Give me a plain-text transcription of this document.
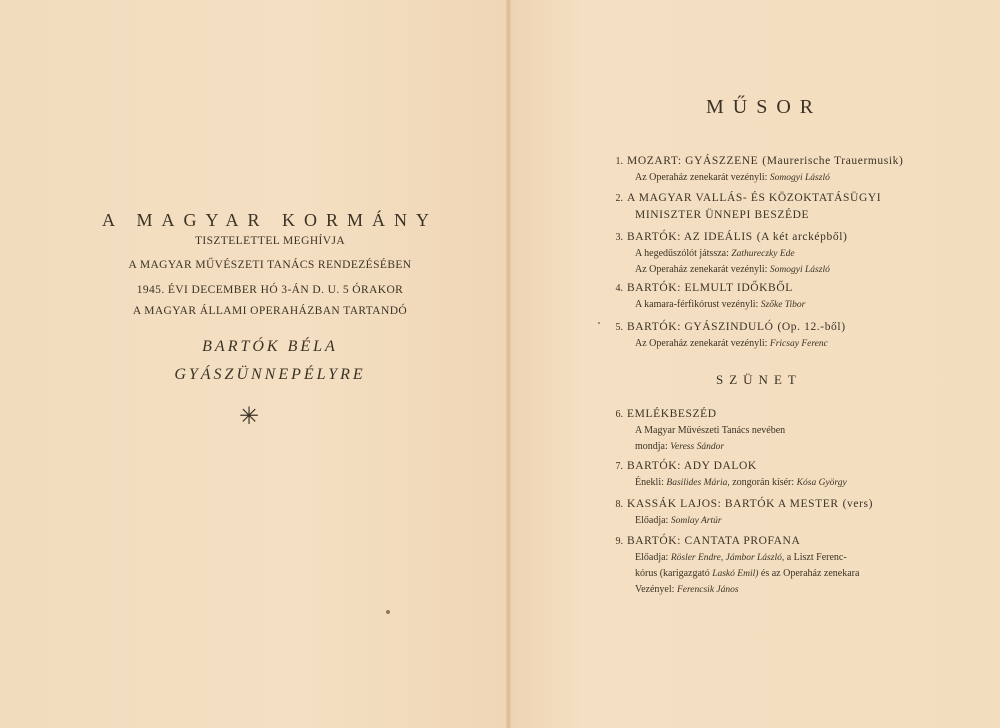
A MAGYAR KORMÁNY
TISZTELETTEL MEGHÍVJA
A MAGYAR MŰVÉSZETI TANÁCS RENDEZÉSÉBEN
1945. ÉVI DECEMBER HÓ 3-ÁN D. U. 5 ÓRAKOR
A MAGYAR ÁLLAMI OPERAHÁZBAN TARTANDÓ
BARTÓK BÉLA
GYÁSZÜNNEPÉLYRE
✳
MŰSOR
1. MOZART: GYÁSZZENE (Maurerische Trauermusik)
Az Operaház zenekarát vezényli: Somogyi László
2. A MAGYAR VALLÁS- ÉS KÖZOKTATÁSÜGYI
MINISZTER ÜNNEPI BESZÉDE
3. BARTÓK: AZ IDEÁLIS (A két arcképből)
A hegedűszólót játssza: Zathureczky Ede
Az Operaház zenekarát vezényli: Somogyi László
4. BARTÓK: ELMULT IDŐKBŐL
A kamara-férfikórust vezényli: Szőke Tibor
5. BARTÓK: GYÁSZINDULÓ (Op. 12.-ből)
Az Operaház zenekarát vezényli: Fricsay Ferenc
SZÜNET
6. EMLÉKBESZÉD
A Magyar Művészeti Tanács nevében
mondja: Veress Sándor
7. BARTÓK: ADY DALOK
Énekli: Basilides Mária, zongorán kísér: Kósa György
8. KASSÁK LAJOS: BARTÓK A MESTER (vers)
Előadja: Somlay Artúr
9. BARTÓK: CANTATA PROFANA
Előadja: Rösler Endre, Jámbor László, a Liszt Ferenc-
kórus (karigazgató Laskó Emil) és az Operaház zenekara
Vezényel: Ferencsik János
